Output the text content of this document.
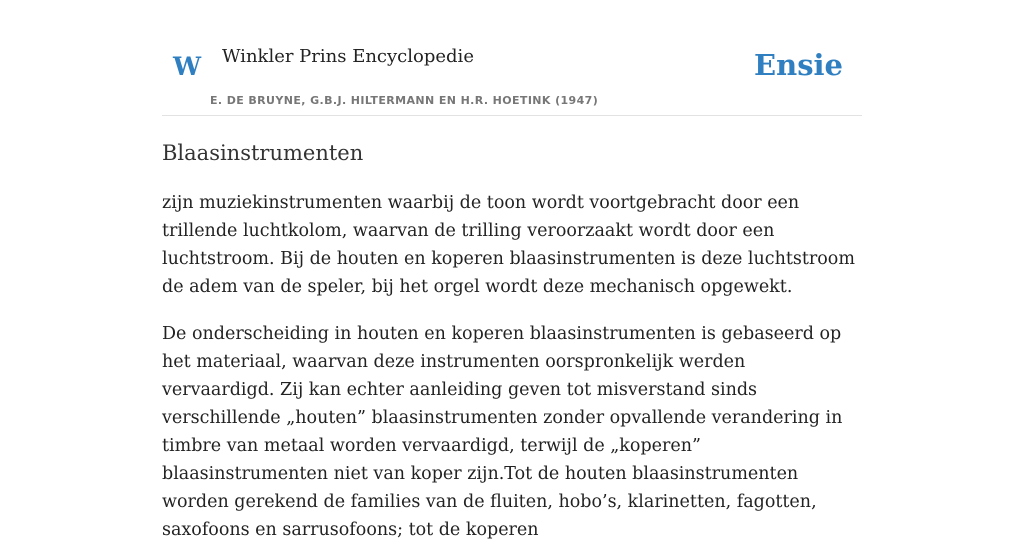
W Winkler Prins Encyclopedie
E. DE BRUYNE, G.B.J. HILTERMANN EN H.R. HOETINK (1947)
Ensie
Blaasinstrumenten

zijn muziekinstrumenten waarbij de toon wordt voortgebracht door een trillende luchtkolom, waarvan de trilling veroorzaakt wordt door een luchtstroom. Bij de houten en koperen blaasinstrumenten is deze luchtstroom de adem van de speler, bij het orgel wordt deze mechanisch opgewekt.

De onderscheiding in houten en koperen blaasinstrumenten is gebaseerd op het materiaal, waarvan deze instrumenten oorspronkelijk werden vervaardigd. Zij kan echter aanleiding geven tot misverstand sinds verschillende „houten” blaasinstrumenten zonder opvallende verandering in timbre van metaal worden vervaardigd, terwijl de „koperen” blaasinstrumenten niet van koper zijn.Tot de houten blaasinstrumenten worden gerekend de families van de fluiten, hobo’s, klarinetten, fagotten, saxofoons en sarrusofoons; tot de koperen
